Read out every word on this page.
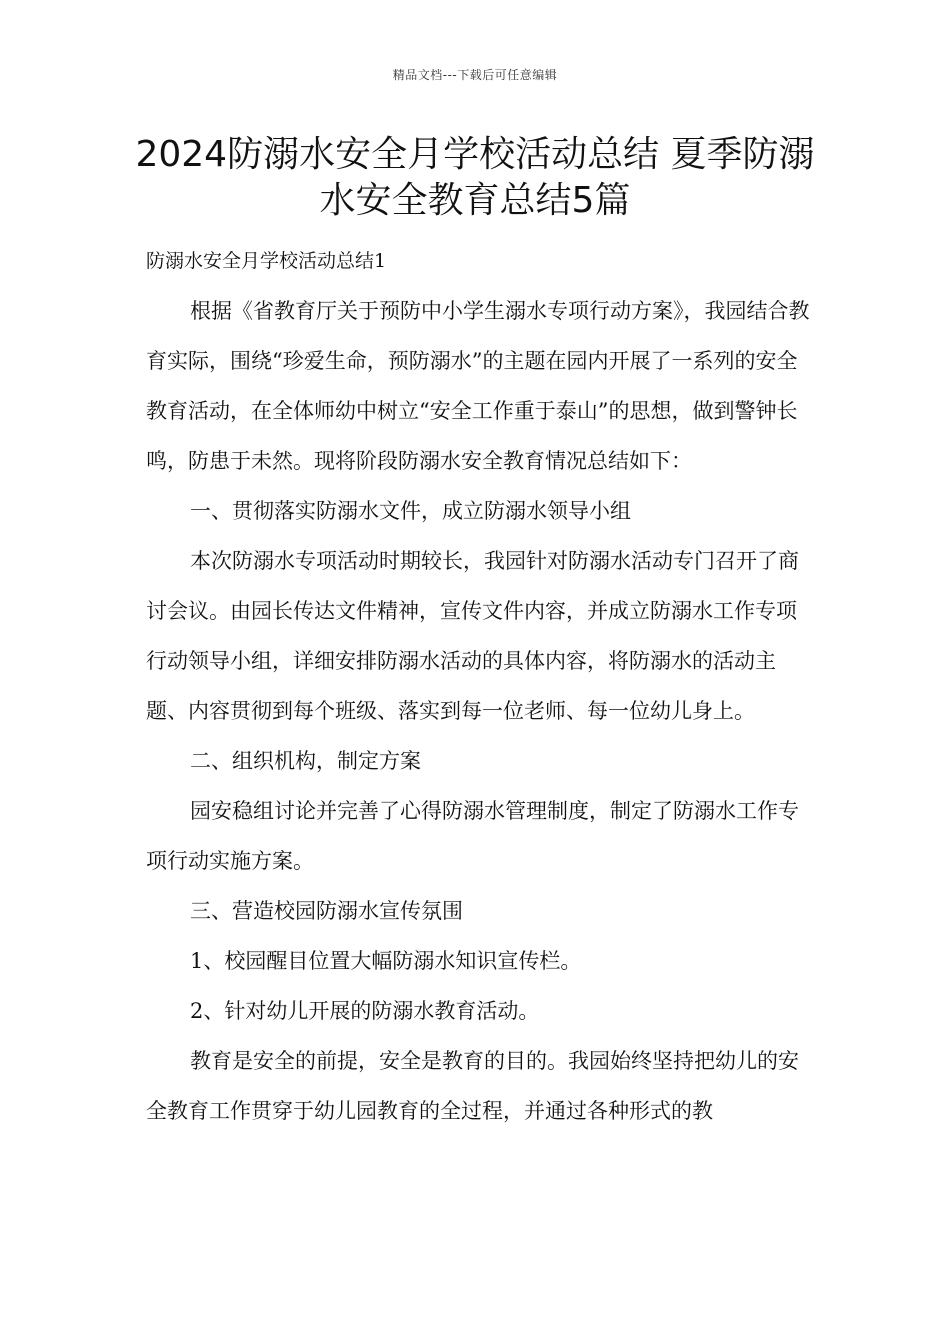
精品文档---下载后可任意编辑
2024防溺水安全月学校活动总结 夏季防溺水安全教育总结5篇

防溺水安全月学校活动总结1

根据《省教育厅关于预防中小学生溺水专项行动方案》，我园结合教育实际，围绕“珍爱生命，预防溺水”的主题在园内开展了一系列的安全教育活动，在全体师幼中树立“安全工作重于泰山”的思想，做到警钟长鸣，防患于未然。现将阶段防溺水安全教育情况总结如下：

一、贯彻落实防溺水文件，成立防溺水领导小组

本次防溺水专项活动时期较长，我园针对防溺水活动专门召开了商讨会议。由园长传达文件精神，宣传文件内容，并成立防溺水工作专项行动领导小组，详细安排防溺水活动的具体内容，将防溺水的活动主题、内容贯彻到每个班级、落实到每一位老师、每一位幼儿身上。

二、组织机构，制定方案

园安稳组讨论并完善了心得防溺水管理制度，制定了防溺水工作专项行动实施方案。

三、营造校园防溺水宣传氛围

1、校园醒目位置大幅防溺水知识宣传栏。

2、针对幼儿开展的防溺水教育活动。

教育是安全的前提，安全是教育的目的。我园始终坚持把幼儿的安全教育工作贯穿于幼儿园教育的全过程，并通过各种形式的教
